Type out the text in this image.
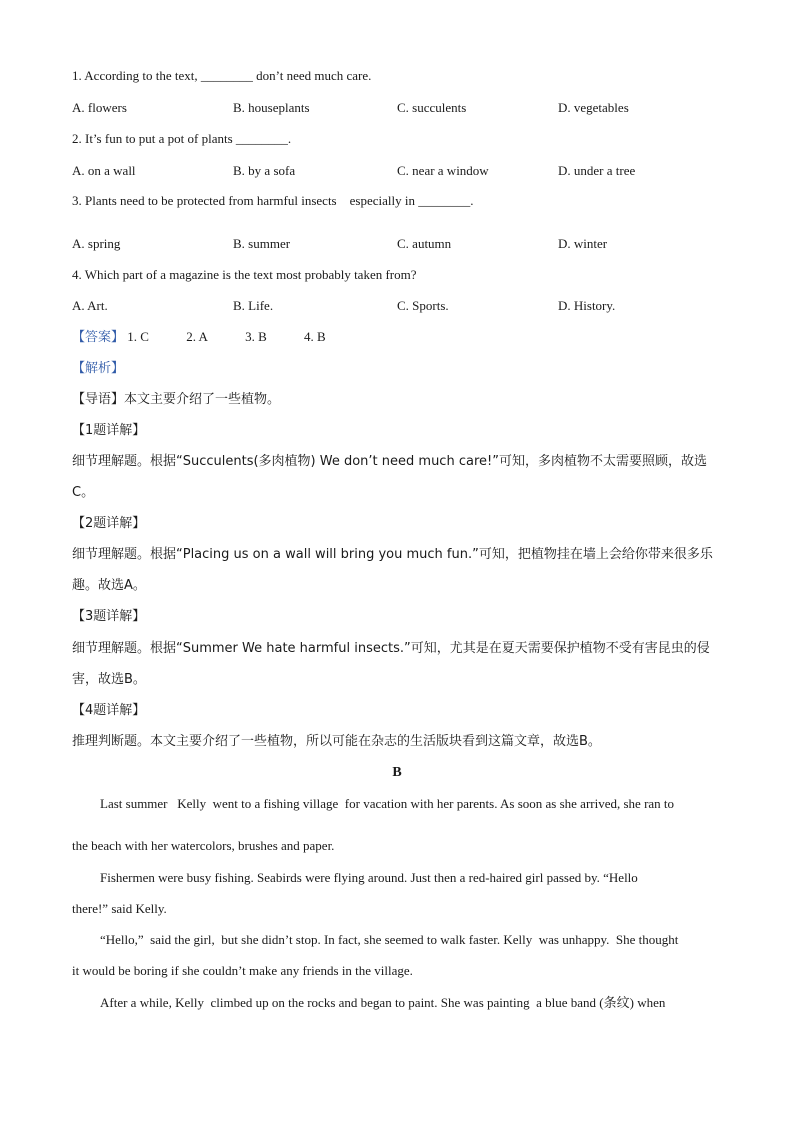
1. According to the text, ________ don’t need much care.
A. flowers	B. houseplants	C. succulents	D. vegetables
2. It’s fun to put a pot of plants ________.
A. on a wall	B. by a sofa	C. near a window	D. under a tree
3. Plants need to be protected from harmful insects    especially in ________.
A. spring	B. summer	C. autumn	D. winter
4. Which part of a magazine is the text most probably taken from?
A. Art.	B. Life.	C. Sports.	D. History.
【答案】 1. C	2. A	3. B	4. B
【解析】
【导语】本文主要介绍了一些植物。
【1题详解】
细节理解题。根据“Succulents(多肉植物) We don’t need much care!”可知，多肉植物不太需要照顾，故选
C。
【2题详解】
细节理解题。根据“Placing us on a wall will bring you much fun.”可知，把植物挂在墙上会给你带来很多乐
趣。故选A。
【3题详解】
细节理解题。根据“Summer We hate harmful insects.”可知，尤其是在夏天需要保护植物不受有害昆虫的侵
害，故选B。
【4题详解】
推理判断题。本文主要介绍了一些植物，所以可能在杂志的生活版块看到这篇文章，故选B。
B
Last summer   Kelly  went to a fishing village  for vacation with her parents. As soon as she arrived, she ran to
the beach with her watercolors, brushes and paper.
Fishermen were busy fishing. Seabirds were flying around. Just then a red-haired girl passed by. “Hello
there!” said Kelly.
“Hello,”  said the girl,  but she didn’t stop. In fact, she seemed to walk faster. Kelly  was unhappy.  She thought
it would be boring if she couldn’t make any friends in the village.
After a while, Kelly  climbed up on the rocks and began to paint. She was painting  a blue band (条纹) when
